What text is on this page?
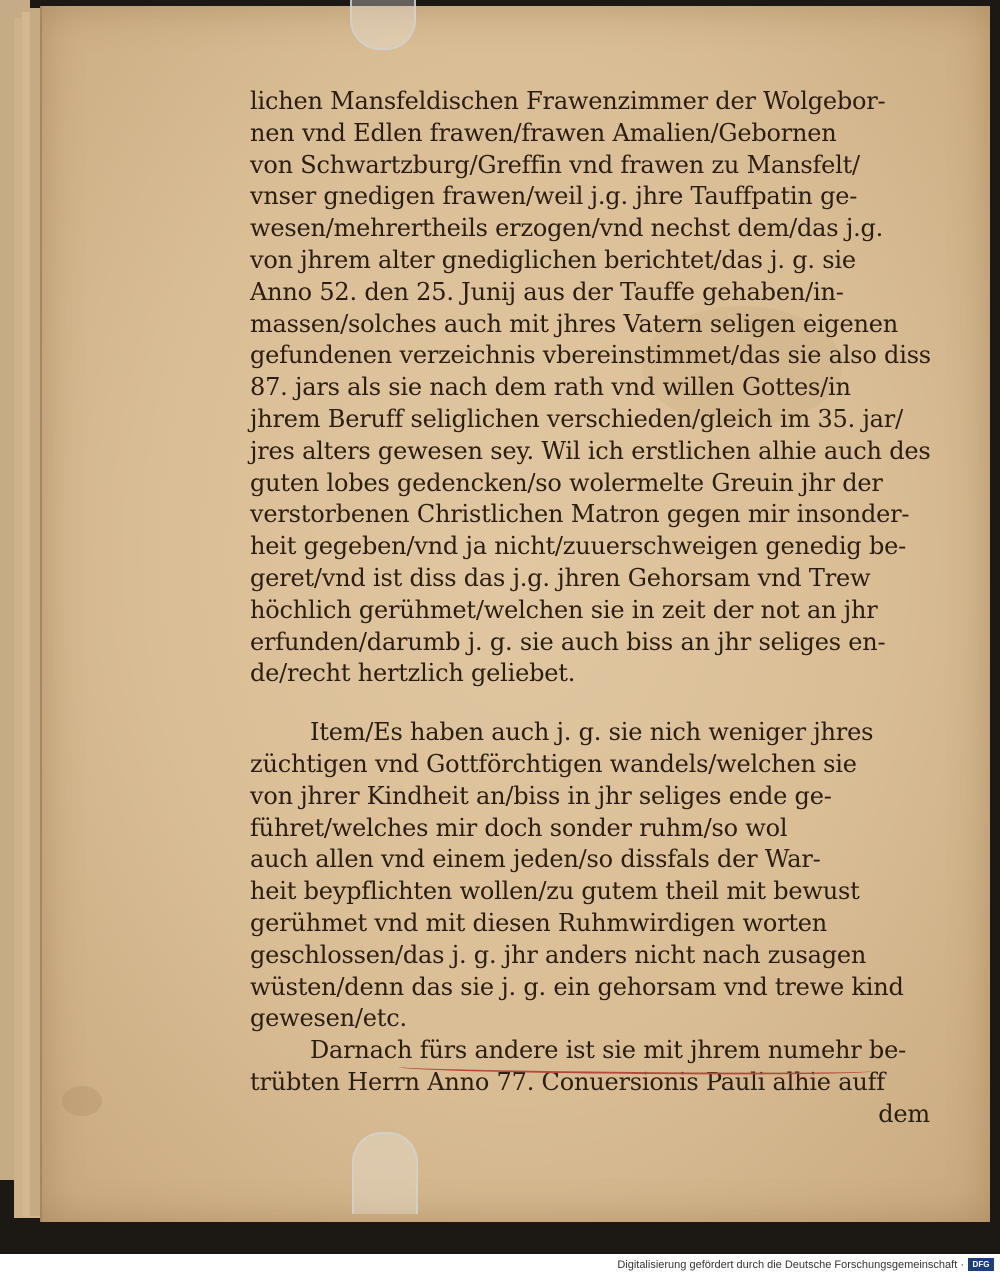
lichen Mansfeldischen Frawenzimmer der Wolgebor-
nen vnd Edlen frawen/frawen Amalien/Gebornen
von Schwartzburg/Greffin vnd frawen zu Mansfelt/
vnser gnedigen frawen/weil j.g. jhre Tauffpatin ge-
wesen/mehrertheils erzogen/vnd nechst dem/das j.g.
von jhrem alter gnediglichen berichtet/das j. g. sie
Anno 52. den 25. Junij aus der Tauffe gehaben/in-
massen/solches auch mit jhres Vatern seligen eigenen
gefundenen verzeichnis vbereinstimmet/das sie also diss
87. jars als sie nach dem rath vnd willen Gottes/in
jhrem Beruff seliglichen verschieden/gleich im 35. jar/
jres alters gewesen sey. Wil ich erstlichen alhie auch des
guten lobes gedencken/so wolermelte Greuin jhr der
verstorbenen Christlichen Matron gegen mir insonder-
heit gegeben/vnd ja nicht/zuuerschweigen genedig be-
geret/vnd ist diss das j.g. jhren Gehorsam vnd Trew
höchlich gerühmet/welchen sie in zeit der not an jhr
erfunden/darumb j. g. sie auch biss an jhr seliges en-
de/recht hertzlich geliebet.
Item/Es haben auch j. g. sie nich weniger jhres
züchtigen vnd Gottförchtigen wandels/welchen sie
von jhrer Kindheit an/biss in jhr seliges ende ge-
führet/welches mir doch sonder ruhm/so wol
auch allen vnd einem jeden/so dissfals der War-
heit beypflichten wollen/zu gutem theil mit bewust
gerühmet vnd mit diesen Ruhmwirdigen worten
geschlossen/das j. g. jhr anders nicht nach zusagen
wüsten/denn das sie j. g. ein gehorsam vnd trewe kind
gewesen/etc.
Darnach fürs andere ist sie mit jhrem numehr be-
trübten Herrn Anno 77. Conuersionis Pauli alhie auff
dem
Digitalisierung gefördert durch die Deutsche Forschungsgemeinschaft ·	DFG
